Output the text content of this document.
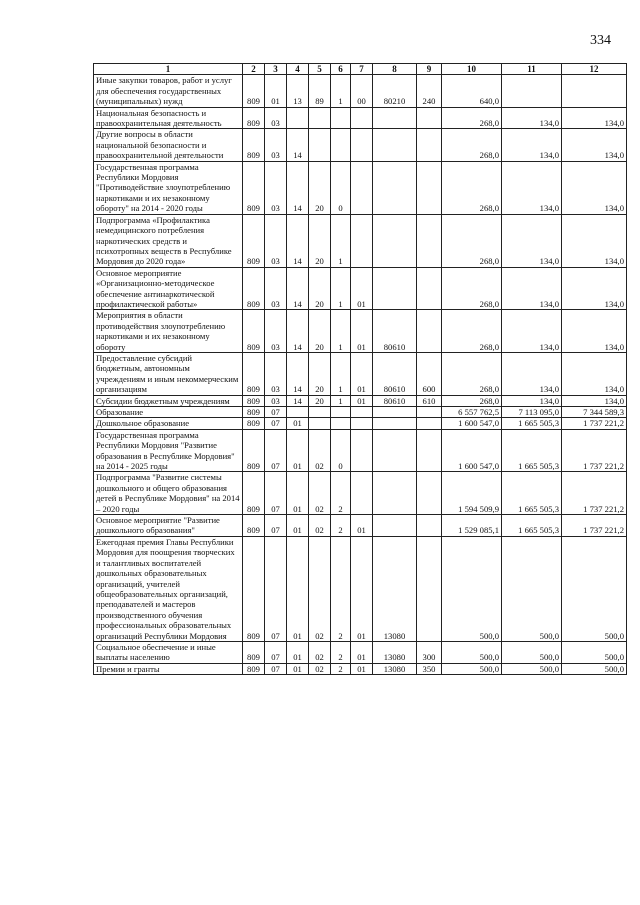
334
1	2	3	4	5	6	7	8	9	10	11	12
Иные закупки товаров, работ и услуг для обеспечения государственных (муниципальных) нужд	809	01	13	89	1	00	80210	240	640,0		
Национальная безопасность и правоохранительная деятельность	809	03							268,0	134,0	134,0
Другие вопросы в области национальной безопасности и правоохранительной деятельности	809	03	14						268,0	134,0	134,0
Государственная программа Республики Мордовия "Противодействие злоупотреблению наркотиками и их незаконному обороту" на 2014 - 2020 годы	809	03	14	20	0				268,0	134,0	134,0
Подпрограмма «Профилактика немедицинского потребления наркотических средств и психотропных веществ в Республике Мордовия до 2020 года»	809	03	14	20	1				268,0	134,0	134,0
Основное мероприятие «Организационно-методическое обеспечение антинаркотической профилактической работы»	809	03	14	20	1	01			268,0	134,0	134,0
Мероприятия в области противодействия злоупотреблению наркотиками и их незаконному обороту	809	03	14	20	1	01	80610		268,0	134,0	134,0
Предоставление субсидий бюджетным, автономным учреждениям и иным некоммерческим организациям	809	03	14	20	1	01	80610	600	268,0	134,0	134,0
Субсидии бюджетным учреждениям	809	03	14	20	1	01	80610	610	268,0	134,0	134,0
Образование	809	07							6 557 762,5	7 113 095,0	7 344 589,3
Дошкольное образование	809	07	01						1 600 547,0	1 665 505,3	1 737 221,2
Государственная программа Республики Мордовия "Развитие образования в Республике Мордовия" на 2014 - 2025 годы	809	07	01	02	0				1 600 547,0	1 665 505,3	1 737 221,2
Подпрограмма "Развитие системы дошкольного и общего образования детей в Республике Мордовия" на 2014 – 2020 годы	809	07	01	02	2				1 594 509,9	1 665 505,3	1 737 221,2
Основное мероприятие "Развитие дошкольного образования"	809	07	01	02	2	01			1 529 085,1	1 665 505,3	1 737 221,2
Ежегодная премия Главы Республики Мордовия для поощрения творческих и талантливых воспитателей дошкольных образовательных организаций, учителей общеобразовательных организаций, преподавателей и мастеров производственного обучения профессиональных образовательных организаций Республики Мордовия	809	07	01	02	2	01	13080		500,0	500,0	500,0
Социальное обеспечение и иные выплаты населению	809	07	01	02	2	01	13080	300	500,0	500,0	500,0
Премии и гранты	809	07	01	02	2	01	13080	350	500,0	500,0	500,0
